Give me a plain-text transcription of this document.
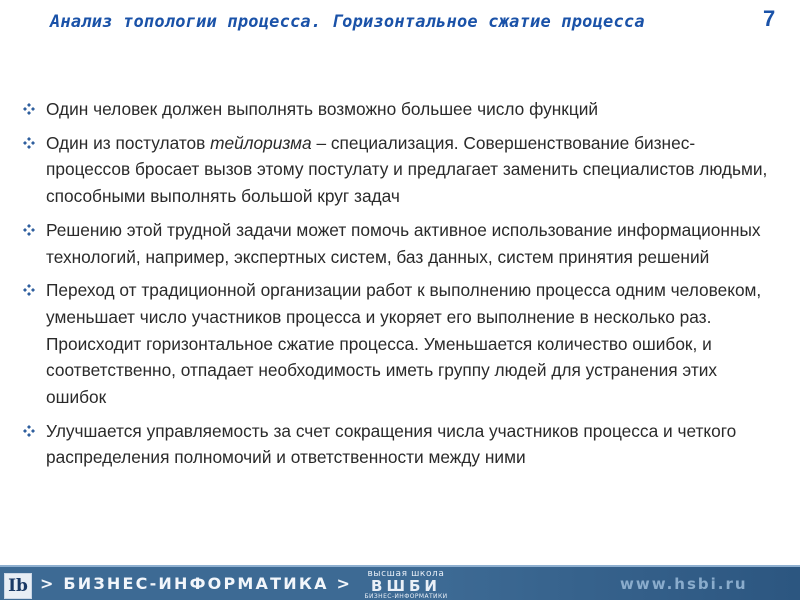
Анализ топологии процесса. Горизонтальное сжатие процесса	7
Один человек должен выполнять возможно большее число функций
Один из постулатов тейлоризма – специализация. Совершенствование бизнес-процессов бросает вызов этому постулату и предлагает заменить специалистов людьми, способными выполнять большой круг задач
Решению этой трудной задачи может помочь активное использование информационных технологий, например, экспертных систем, баз данных, систем принятия решений
Переход от традиционной организации работ к выполнению процесса одним человеком, уменьшает число участников процесса и укоряет его выполнение в несколько раз. Происходит горизонтальное сжатие процесса. Уменьшается количество ошибок, и соответственно, отпадает необходимость иметь группу людей для устранения этих ошибок
Улучшается управляемость за счет сокращения числа участников процесса и четкого распределения полномочий и ответственности между ними
Ib > БИЗНЕС-ИНФОРМАТИКА >	высшая школа
ВШБИ
БИЗНЕС-ИНФОРМАТИКИ
www.hsbi.ru
